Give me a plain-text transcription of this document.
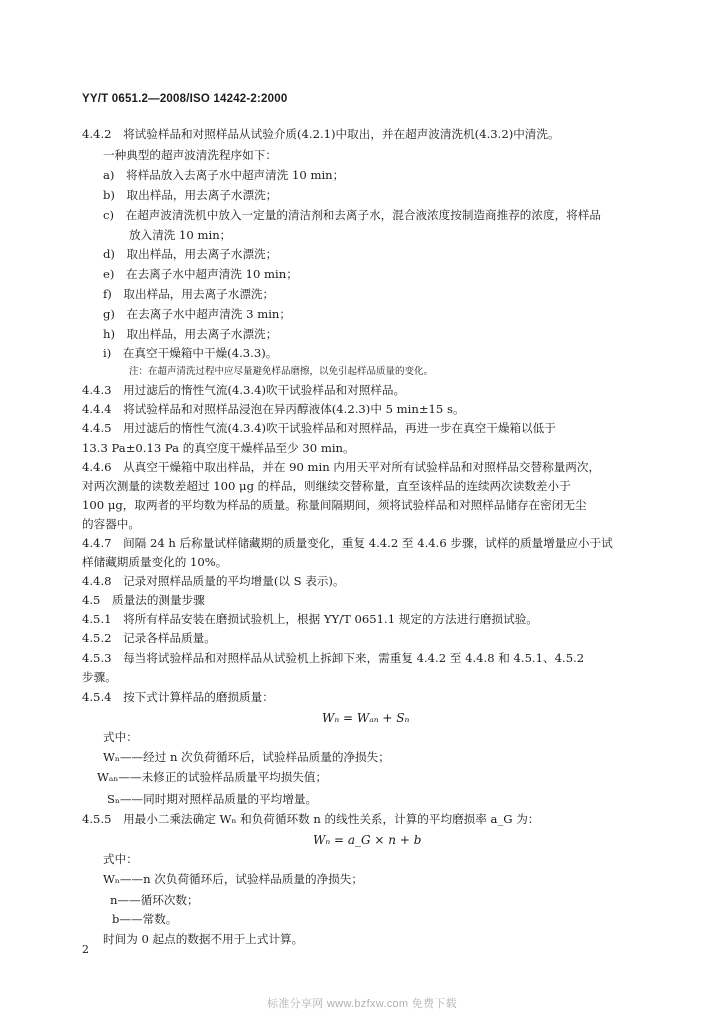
YY/T 0651.2—2008/ISO 14242-2:2000
4.4.2　将试验样品和对照样品从试验介质(4.2.1)中取出，并在超声波清洗机(4.3.2)中清洗。
一种典型的超声波清洗程序如下：
a)　将样品放入去离子水中超声清洗 10 min；
b)　取出样品，用去离子水漂洗；
c)　在超声波清洗机中放入一定量的清洁剂和去离子水，混合液浓度按制造商推荐的浓度，将样品
放入清洗 10 min；
d)　取出样品，用去离子水漂洗；
e)　在去离子水中超声清洗 10 min；
f)　取出样品，用去离子水漂洗；
g)　在去离子水中超声清洗 3 min；
h)　取出样品，用去离子水漂洗；
i)　在真空干燥箱中干燥(4.3.3)。
注：在超声清洗过程中应尽量避免样品磨擦，以免引起样品质量的变化。
4.4.3　用过滤后的惰性气流(4.3.4)吹干试验样品和对照样品。
4.4.4　将试验样品和对照样品浸泡在异丙醇液体(4.2.3)中 5 min±15 s。
4.4.5　用过滤后的惰性气流(4.3.4)吹干试验样品和对照样品，再进一步在真空干燥箱以低于
13.3 Pa±0.13 Pa 的真空度干燥样品至少 30 min。
4.4.6　从真空干燥箱中取出样品，并在 90 min 内用天平对所有试验样品和对照样品交替称量两次，
对两次测量的读数差超过 100 μg 的样品，则继续交替称量，直至该样品的连续两次读数差小于
100 μg，取两者的平均数为样品的质量。称量间隔期间，须将试验样品和对照样品储存在密闭无尘
的容器中。
4.4.7　间隔 24 h 后称量试样储藏期的质量变化，重复 4.4.2 至 4.4.6 步骤，试样的质量增量应小于试
样储藏期质量变化的 10%。
4.4.8　记录对照样品质量的平均增量(以 S 表示)。
4.5　质量法的测量步骤
4.5.1　将所有样品安装在磨损试验机上，根据 YY/T 0651.1 规定的方法进行磨损试验。
4.5.2　记录各样品质量。
4.5.3　每当将试验样品和对照样品从试验机上拆卸下来，需重复 4.4.2 至 4.4.8 和 4.5.1、4.5.2
步骤。
4.5.4　按下式计算样品的磨损质量：
式中：
Wₙ——经过 n 次负荷循环后，试验样品质量的净损失；
Wₐₙ——未修正的试验样品质量平均损失值；
Sₙ——同时期对照样品质量的平均增量。
4.5.5　用最小二乘法确定 Wₙ 和负荷循环数 n 的线性关系，计算的平均磨损率 a_G 为：
式中：
Wₙ——n 次负荷循环后，试验样品质量的净损失；
n——循环次数；
b——常数。
时间为 0 起点的数据不用于上式计算。
Wₙ = Wₐₙ + Sₙ
Wₙ = a_G × n + b
2
标准分享网 www.bzfxw.com 免费下载
